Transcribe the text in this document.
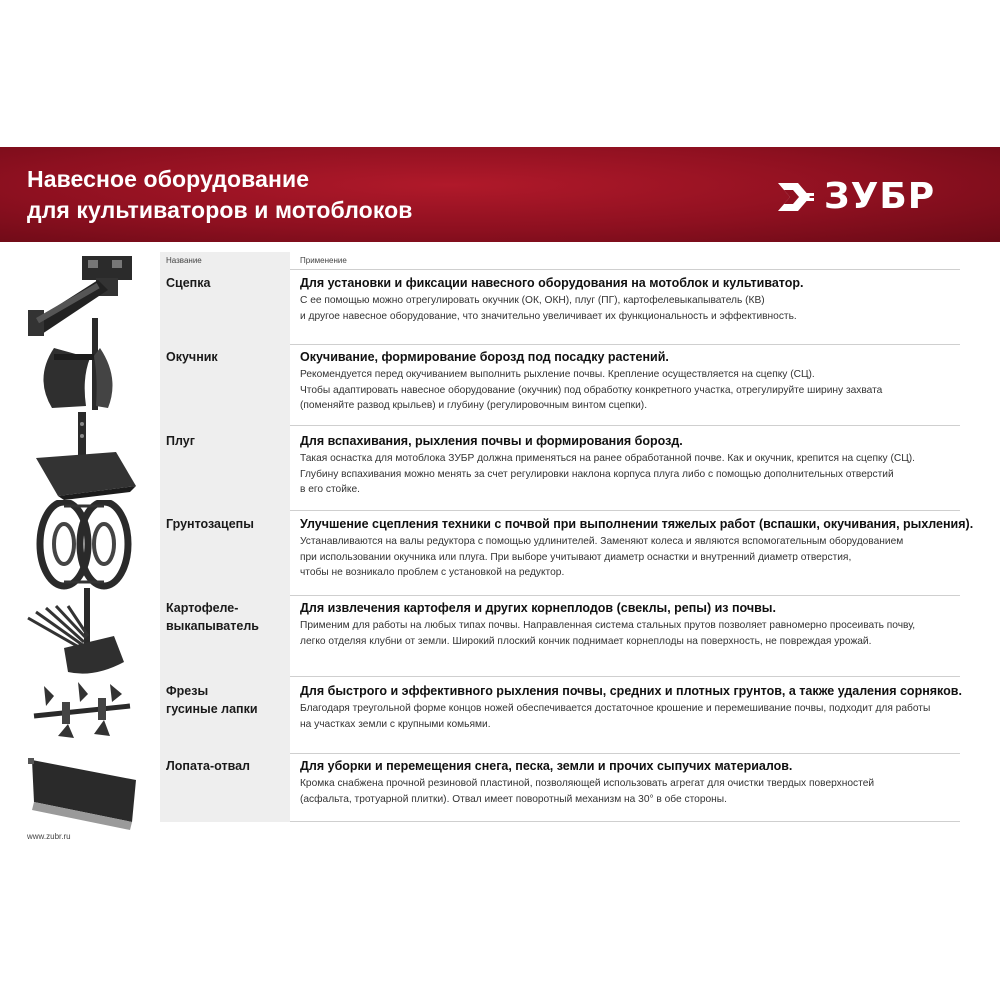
Навесное оборудование
для культиваторов и мотоблоков	ЗУБР
Название	Применение
Сцепка	Для установки и фиксации навесного оборудования на мотоблок и культиватор.
С ее помощью можно отрегулировать окучник (ОК, ОКН), плуг (ПГ), картофелевыкапыватель (КВ)
и другое навесное оборудование, что значительно увеличивает их функциональность и эффективность.
Окучник	Окучивание, формирование борозд под посадку растений.
Рекомендуется перед окучиванием выполнить рыхление почвы. Крепление осуществляется на сцепку (СЦ).
Чтобы адаптировать навесное оборудование (окучник) под обработку конкретного участка, отрегулируйте ширину захвата
(поменяйте развод крыльев) и глубину (регулировочным винтом сцепки).
Плуг	Для вспахивания, рыхления почвы и формирования борозд.
Такая оснастка для мотоблока ЗУБР должна применяться на ранее обработанной почве. Как и окучник, крепится на сцепку (СЦ).
Глубину вспахивания можно менять за счет регулировки наклона корпуса плуга либо с помощью дополнительных отверстий
в его стойке.
Грунтозацепы	Улучшение сцепления техники с почвой при выполнении тяжелых работ (вспашки, окучивания, рыхления).
Устанавливаются на валы редуктора с помощью удлинителей. Заменяют колеса и являются вспомогательным оборудованием
при использовании окучника или плуга. При выборе учитывают диаметр оснастки и внутренний диаметр отверстия,
чтобы не возникало проблем с установкой на редуктор.
Картофеле-
выкапыватель
Для извлечения картофеля и других корнеплодов (свеклы, репы) из почвы.
Применим для работы на любых типах почвы. Направленная система стальных прутов позволяет равномерно просеивать почву,
легко отделяя клубни от земли. Широкий плоский кончик поднимает корнеплоды на поверхность, не повреждая урожай.
Фрезы
гусиные лапки
Для быстрого и эффективного рыхления почвы, средних и плотных грунтов, а также удаления сорняков.
Благодаря треугольной форме концов ножей обеспечивается достаточное крошение и перемешивание почвы, подходит для работы
на участках земли с крупными комьями.
Лопата-отвал	Для уборки и перемещения снега, песка, земли и прочих сыпучих материалов.
Кромка снабжена прочной резиновой пластиной, позволяющей использовать агрегат для очистки твердых поверхностей
(асфальта, тротуарной плитки). Отвал имеет поворотный механизм на 30° в обе стороны.
www.zubr.ru
